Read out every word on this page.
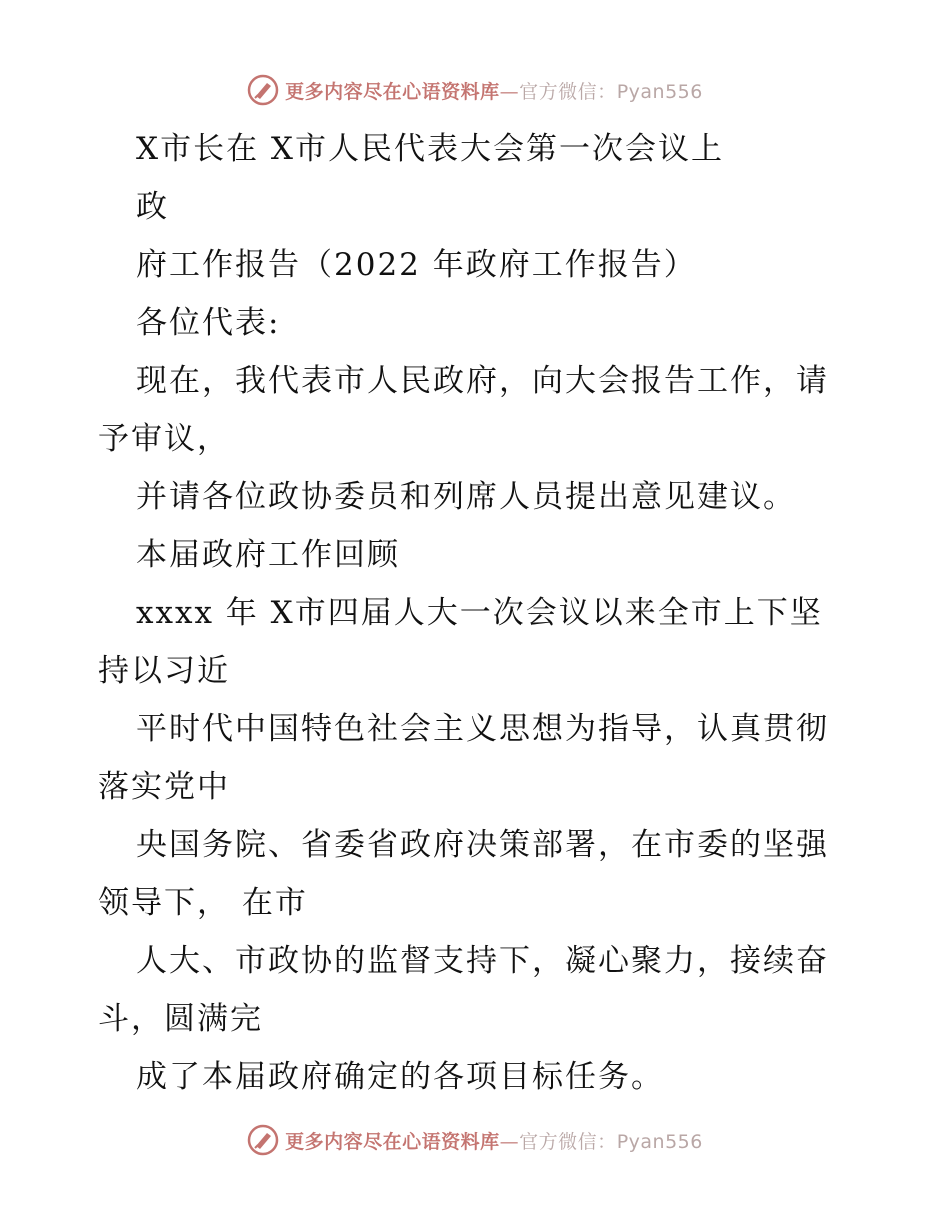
更多内容尽在心语资料库—官方微信：Pyan556
X市长在 X市人民代表大会第一次会议上
政
府工作报告（2022 年政府工作报告）
各位代表:
现在，我代表市人民政府，向大会报告工作，请
予审议，
并请各位政协委员和列席人员提出意见建议。
本届政府工作回顾
xxxx 年 X市四届人大一次会议以来全市上下坚
持以习近
平时代中国特色社会主义思想为指导，认真贯彻
落实党中
央国务院、省委省政府决策部署，在市委的坚强
领导下， 在市
人大、市政协的监督支持下，凝心聚力，接续奋
斗，圆满完
成了本届政府确定的各项目标任务。
更多内容尽在心语资料库—官方微信：Pyan556
